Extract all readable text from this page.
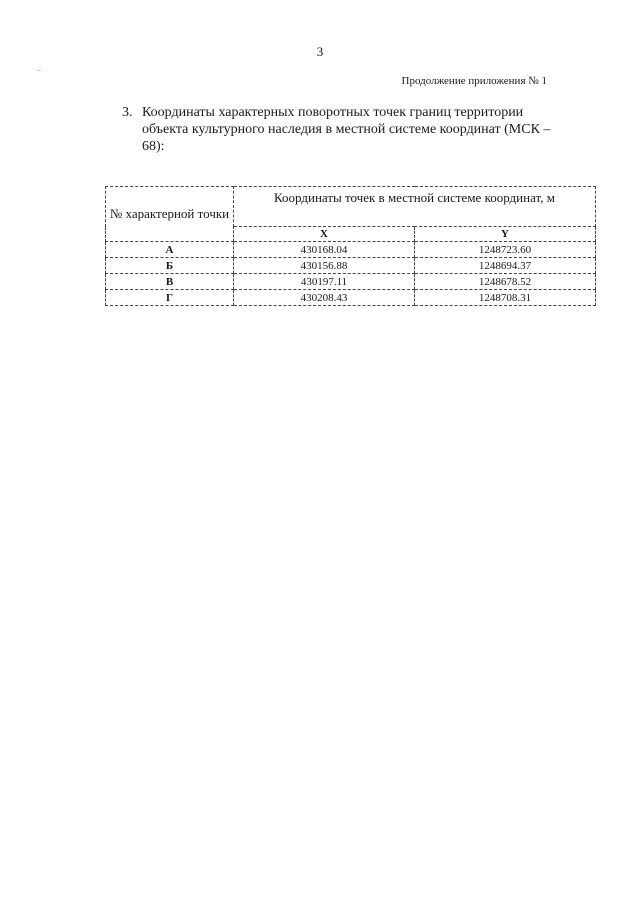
3
Продолжение приложения № 1
3. Координаты характерных поворотных точек границ территории
объекта культурного наследия в местной системе координат (МСК –
68):
№ характерной точки	Координаты точек в местной системе координат, м	
	X	Y
А	430168.04	1248723.60
Б	430156.88	1248694.37
В	430197.11	1248678.52
Г	430208.43	1248708.31
